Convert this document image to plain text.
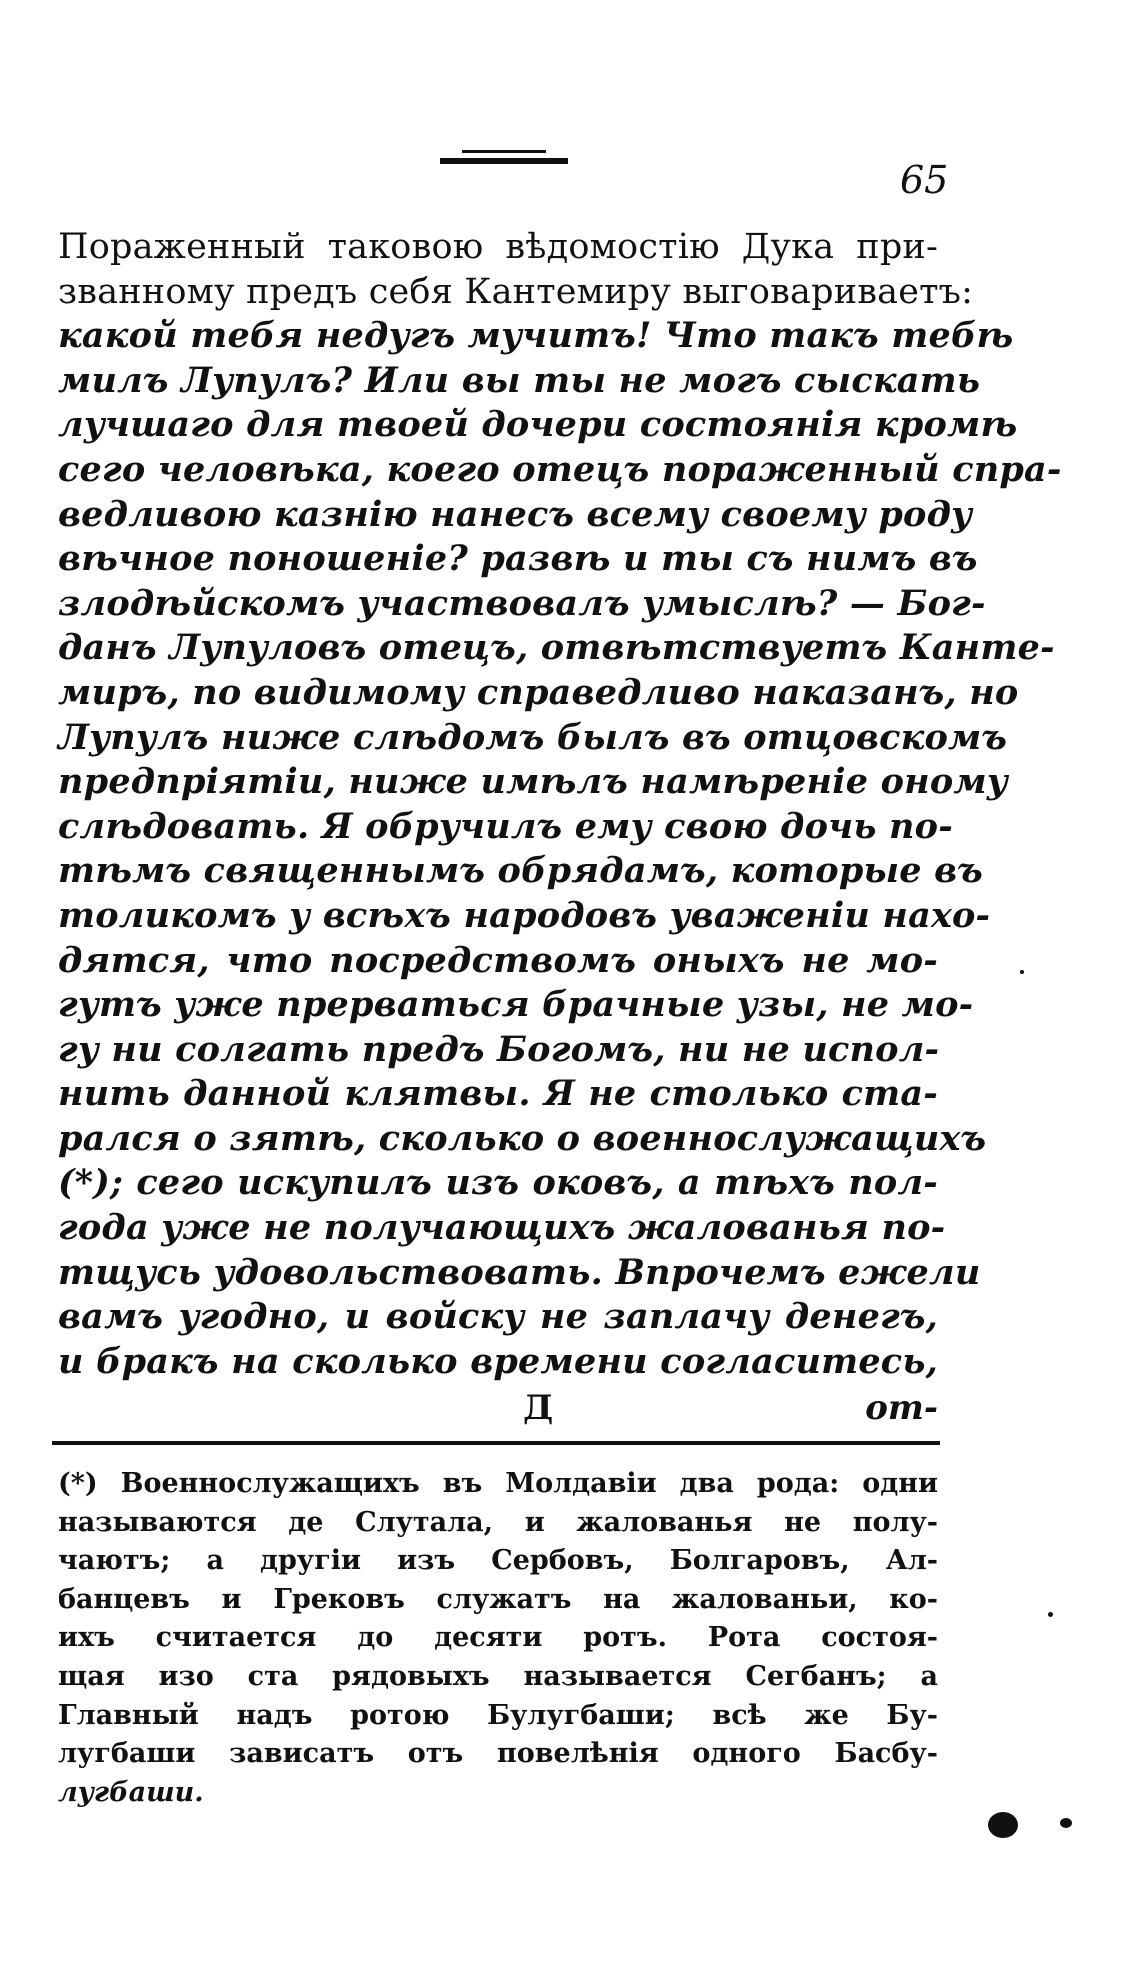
65
Пораженный таковою вѣдомостію Дука при-
званному предъ себя Кантемиру выговариваетъ:
какой тебя недугъ мучитъ! Что такъ тебѣ
милъ Лупулъ? Или вы ты не могъ сыскать
лучшаго для твоей дочери состоянія кромѣ
сего человѣка, коего отецъ пораженный спра-
ведливою казнію нанесъ всему своему роду
вѣчное поношеніе? развѣ и ты съ нимъ въ
злодѣйскомъ участвовалъ умыслѣ? — Бог-
данъ Лупуловъ отецъ, отвѣтствуетъ Канте-
миръ, по видимому справедливо наказанъ, но
Лупулъ ниже слѣдомъ былъ въ отцовскомъ
предпріятіи, ниже имѣлъ намѣреніе оному
слѣдовать. Я обручилъ ему свою дочь по-
тѣмъ священнымъ обрядамъ, которые въ
толикомъ у всѣхъ народовъ уваженіи нахо-
дятся, что посредствомъ оныхъ не мо-
гутъ уже прерваться брачные узы, не мо-
гу ни солгать предъ Богомъ, ни не испол-
нить данной клятвы. Я не столько ста-
рался о зятѣ, сколько о военнослужащихъ
(*); сего искупилъ изъ оковъ, а тѣхъ пол-
года уже не получающихъ жалованья по-
тщусь удовольствовать. Впрочемъ ежели
вамъ угодно, и войску не заплачу денегъ,
и бракъ на сколько времени согласитесь,
Д	от-
(*) Военнослужащихъ въ Молдавіи два рода: одни
называются де Слутала, и жалованья не полу-
чаютъ; а другіи изъ Сербовъ, Болгаровъ, Ал-
банцевъ и Грековъ служатъ на жалованьи, ко-
ихъ считается до десяти ротъ. Рота состоя-
щая изо ста рядовыхъ называется Сегбанъ; а
Главный надъ ротою Булугбаши; всѣ же Бу-
лугбаши зависатъ отъ повелѣнія одного Басбу-
лугбаши.
